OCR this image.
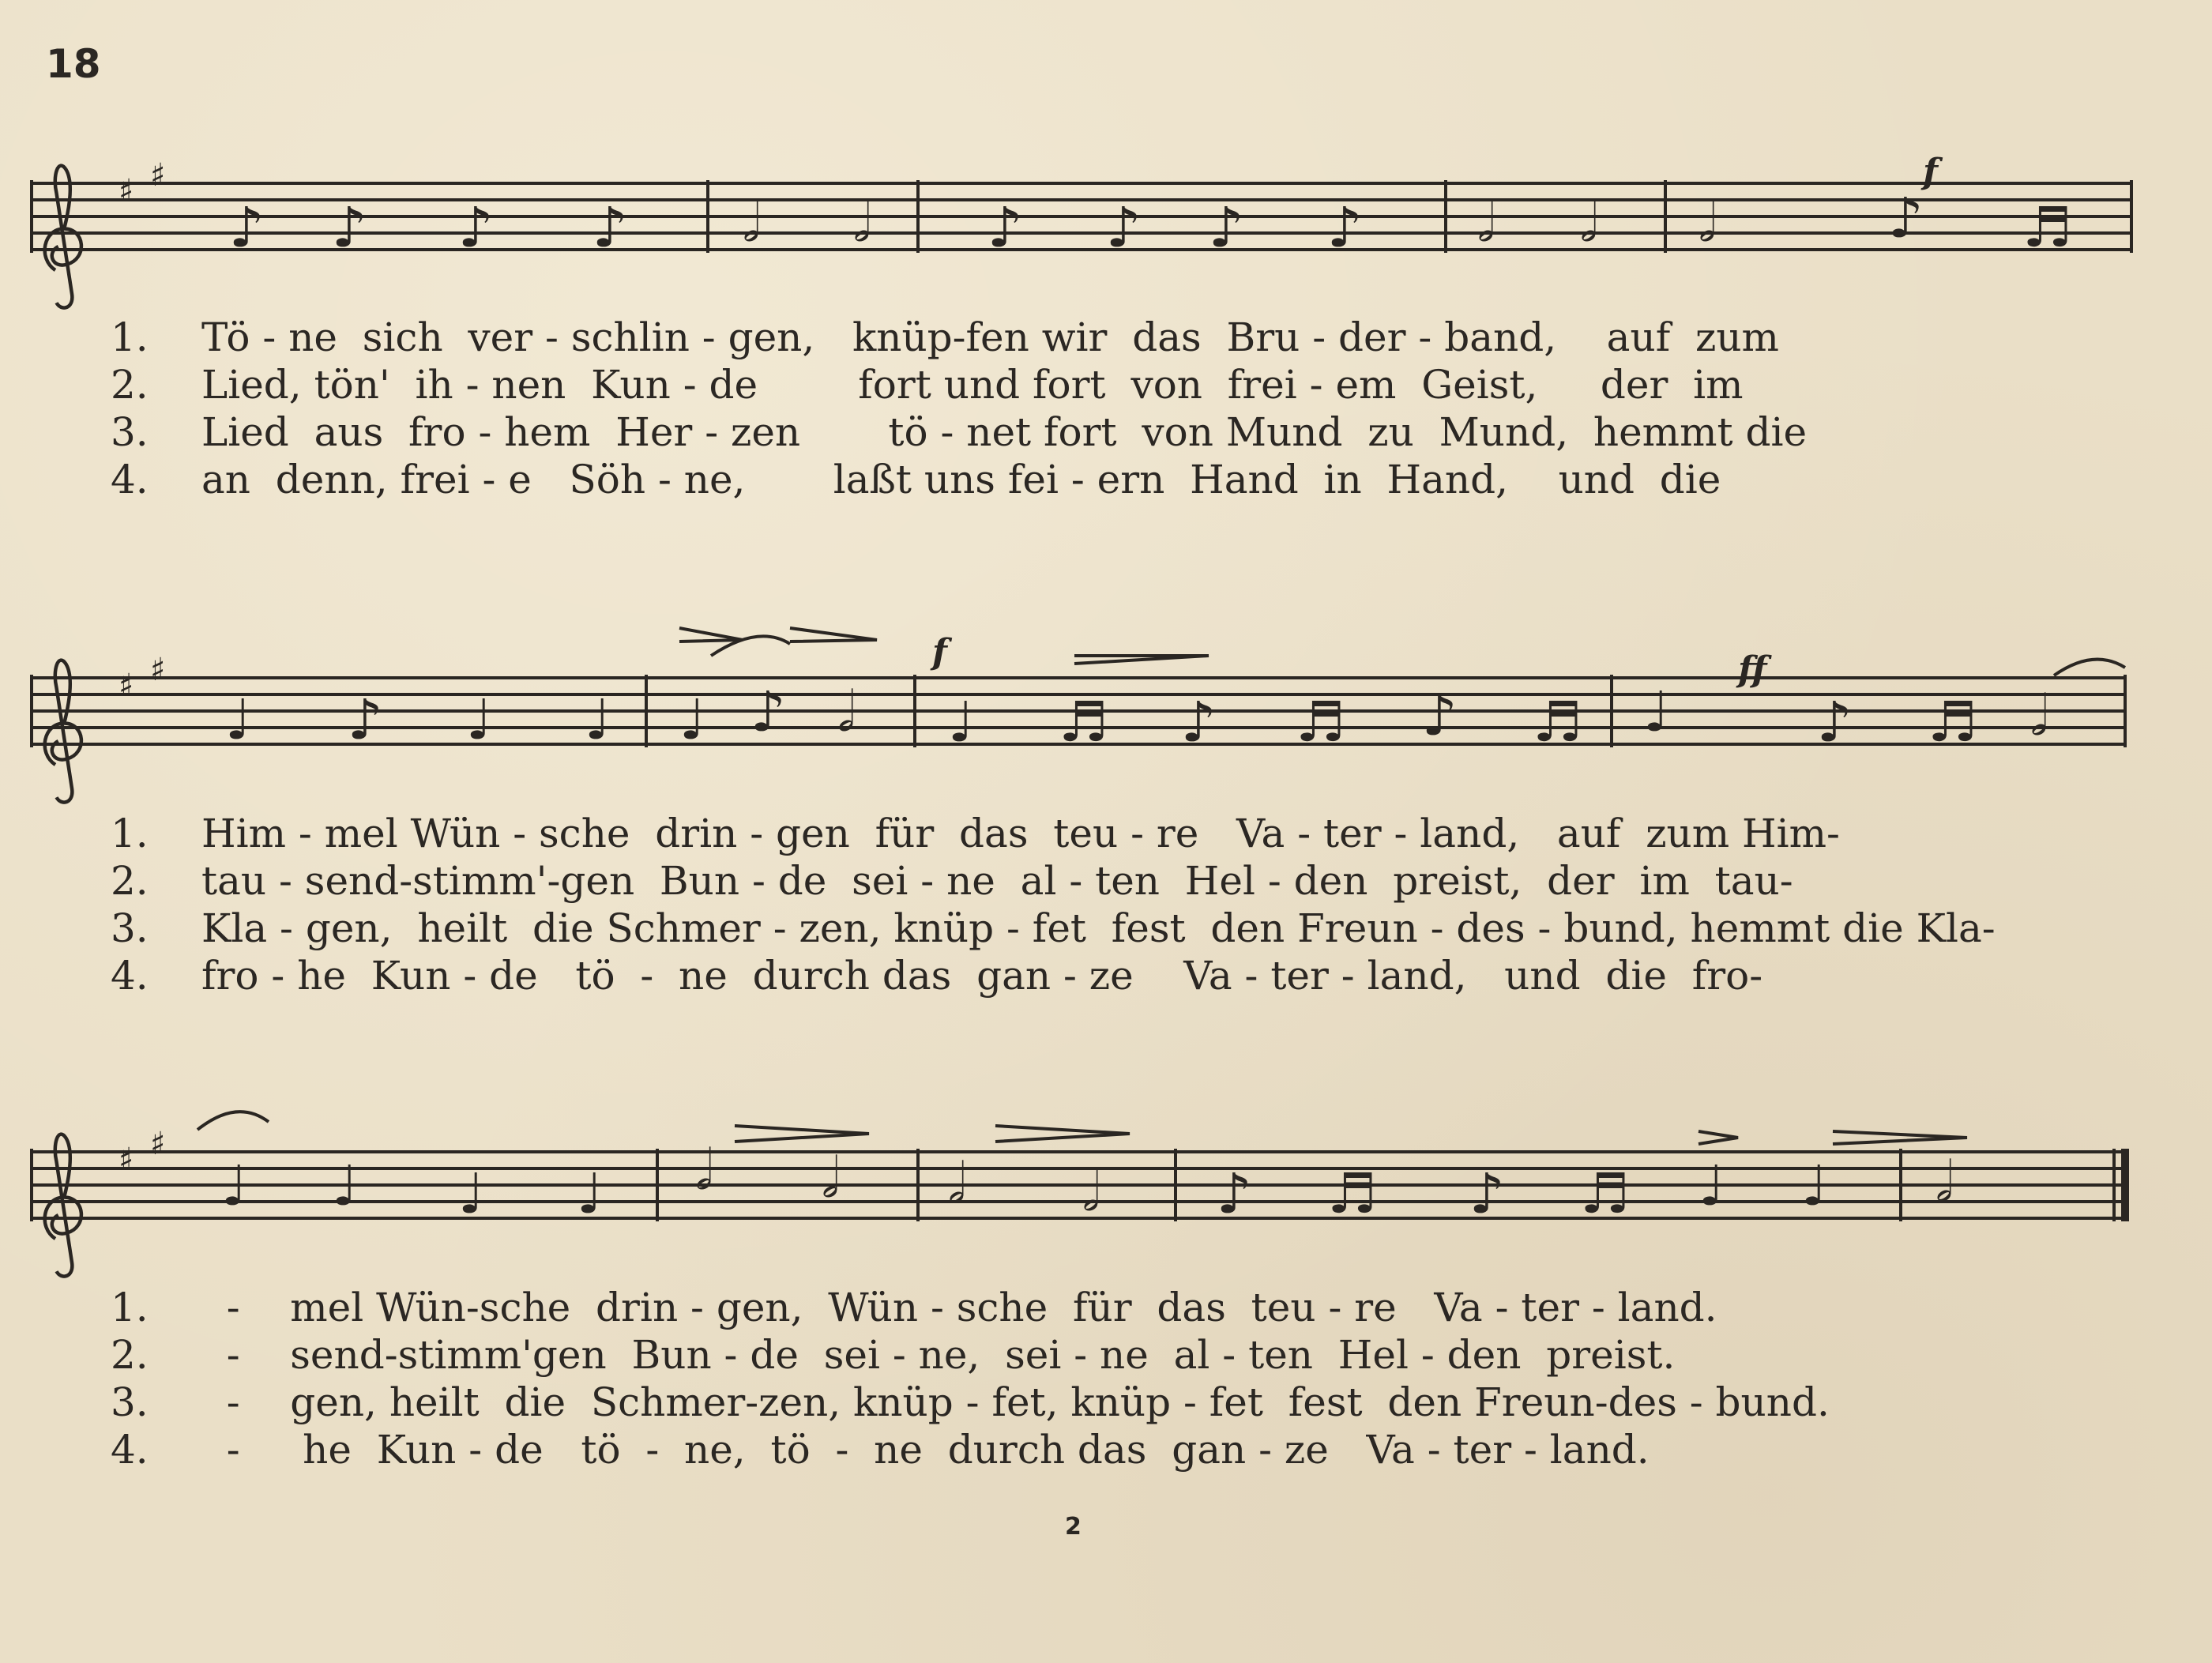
18
♯ ♯
♪ ♪ ♪ ♪ 𝅗𝅥 𝅗𝅥 ♪ ♪ ♪ ♪ 𝅗𝅥 𝅗𝅥 𝅗𝅥	♪ ♬
f
♯ ♯
♩ ♪ ♩ ♩ ♩ ♪ 𝅗𝅥 ♩ ♬ ♪ ♬ ♪ ♬ ♩	♪ ♬ 𝅗𝅥
f	ff
♯ ♯
♩ ♩ ♩ ♩ 𝅗𝅥 𝅗𝅥 𝅗𝅥 𝅗𝅥 ♪ ♬ ♪ ♬ ♩ ♩ 𝅗𝅥
1.	Tö - ne  sich  ver - schlin - gen,   knüp-fen wir  das  Bru - der - band,    auf  zum
2.	Lied, tön'  ih - nen  Kun - de        fort und fort  von  frei - em  Geist,     der  im
3.	Lied  aus  fro - hem  Her - zen       tö - net fort  von Mund  zu  Mund,  hemmt die
4.	an  denn, frei - e   Söh - ne,       laßt uns fei - ern  Hand  in  Hand,    und  die
1.	Him - mel Wün - sche  drin - gen  für  das  teu - re   Va - ter - land,   auf  zum Him-
2.	tau - send-stimm'-gen  Bun - de  sei - ne  al - ten  Hel - den  preist,  der  im  tau-
3.	Kla - gen,  heilt  die Schmer - zen, knüp - fet  fest  den Freun - des - bund, hemmt die Kla-
4.	fro - he  Kun - de   tö  -  ne  durch das  gan - ze    Va - ter - land,   und  die  fro-
1.	-    mel Wün-sche  drin - gen,  Wün - sche  für  das  teu - re   Va - ter - land.
2.	-    send-stimm'gen  Bun - de  sei - ne,  sei - ne  al - ten  Hel - den  preist.
3.	-    gen, heilt  die  Schmer-zen, knüp - fet, knüp - fet  fest  den Freun-des - bund.
4.	-     he  Kun - de   tö  -  ne,  tö  -  ne  durch das  gan - ze   Va - ter - land.
2
